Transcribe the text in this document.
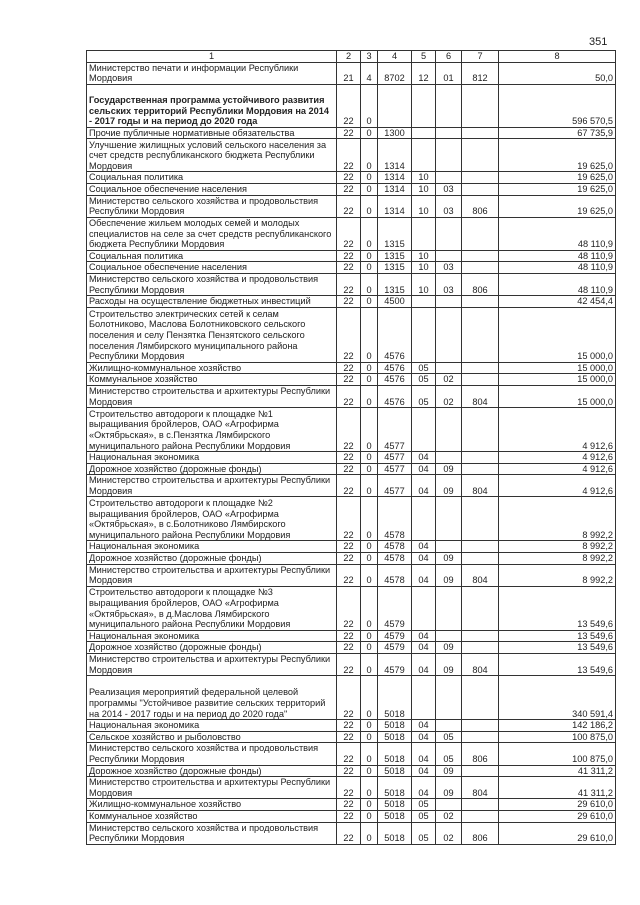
351
1	2	3	4	5	6	7	8
Министерство печати и информации Республики Мордовия	21	4	8702	12	01	812	50,0
Государственная программа устойчивого развития сельских территорий Республики Мордовия на 2014 - 2017 годы и на период до 2020 года	22	0					596 570,5
Прочие публичные нормативные обязательства	22	0	1300				67 735,9
Улучшение жилищных условий сельского населения за счет средств республиканского бюджета Республики Мордовия	22	0	1314				19 625,0
Социальная политика	22	0	1314	10			19 625,0
Социальное обеспечение населения	22	0	1314	10	03		19 625,0
Министерство сельского хозяйства и продовольствия Республики Мордовия	22	0	1314	10	03	806	19 625,0
Обеспечение жильем молодых семей и молодых специалистов на селе за счет средств республиканского бюджета Республики Мордовия	22	0	1315				48 110,9
Социальная политика	22	0	1315	10			48 110,9
Социальное обеспечение населения	22	0	1315	10	03		48 110,9
Министерство сельского хозяйства и продовольствия Республики Мордовия	22	0	1315	10	03	806	48 110,9
Расходы на осуществление бюджетных инвестиций	22	0	4500				42 454,4
Строительство электрических сетей к селам Болотниково, Маслова Болотниковского сельского поселения и селу Пензятка Пензятского сельского поселения Лямбирского муниципального района Республики Мордовия	22	0	4576				15 000,0
Жилищно-коммунальное хозяйство	22	0	4576	05			15 000,0
Коммунальное хозяйство	22	0	4576	05	02		15 000,0
Министерство строительства и архитектуры Республики Мордовия	22	0	4576	05	02	804	15 000,0
Строительство автодороги к площадке №1 выращивания бройлеров, ОАО «Агрофирма «Октябрьская», в с.Пензятка Лямбирского муниципального района Республики Мордовия	22	0	4577				4 912,6
Национальная экономика	22	0	4577	04			4 912,6
Дорожное хозяйство (дорожные фонды)	22	0	4577	04	09		4 912,6
Министерство строительства и архитектуры Республики Мордовия	22	0	4577	04	09	804	4 912,6
Строительство автодороги к площадке №2 выращивания бройлеров, ОАО «Агрофирма «Октябрьская», в с.Болотниково Лямбирского муниципального района Республики Мордовия	22	0	4578				8 992,2
Национальная экономика	22	0	4578	04			8 992,2
Дорожное хозяйство (дорожные фонды)	22	0	4578	04	09		8 992,2
Министерство строительства и архитектуры Республики Мордовия	22	0	4578	04	09	804	8 992,2
Строительство автодороги к площадке №3 выращивания бройлеров, ОАО «Агрофирма «Октябрьская», в д.Маслова Лямбирского муниципального района Республики Мордовия	22	0	4579				13 549,6
Национальная экономика	22	0	4579	04			13 549,6
Дорожное хозяйство (дорожные фонды)	22	0	4579	04	09		13 549,6
Министерство строительства и архитектуры Республики Мордовия	22	0	4579	04	09	804	13 549,6
Реализация мероприятий федеральной целевой программы "Устойчивое развитие сельских территорий на 2014 - 2017 годы и на период до 2020 года"	22	0	5018				340 591,4
Национальная экономика	22	0	5018	04			142 186,2
Сельское хозяйство и рыболовство	22	0	5018	04	05		100 875,0
Министерство сельского хозяйства и продовольствия Республики Мордовия	22	0	5018	04	05	806	100 875,0
Дорожное хозяйство (дорожные фонды)	22	0	5018	04	09		41 311,2
Министерство строительства и архитектуры Республики Мордовия	22	0	5018	04	09	804	41 311,2
Жилищно-коммунальное хозяйство	22	0	5018	05			29 610,0
Коммунальное хозяйство	22	0	5018	05	02		29 610,0
Министерство сельского хозяйства и продовольствия Республики Мордовия	22	0	5018	05	02	806	29 610,0
